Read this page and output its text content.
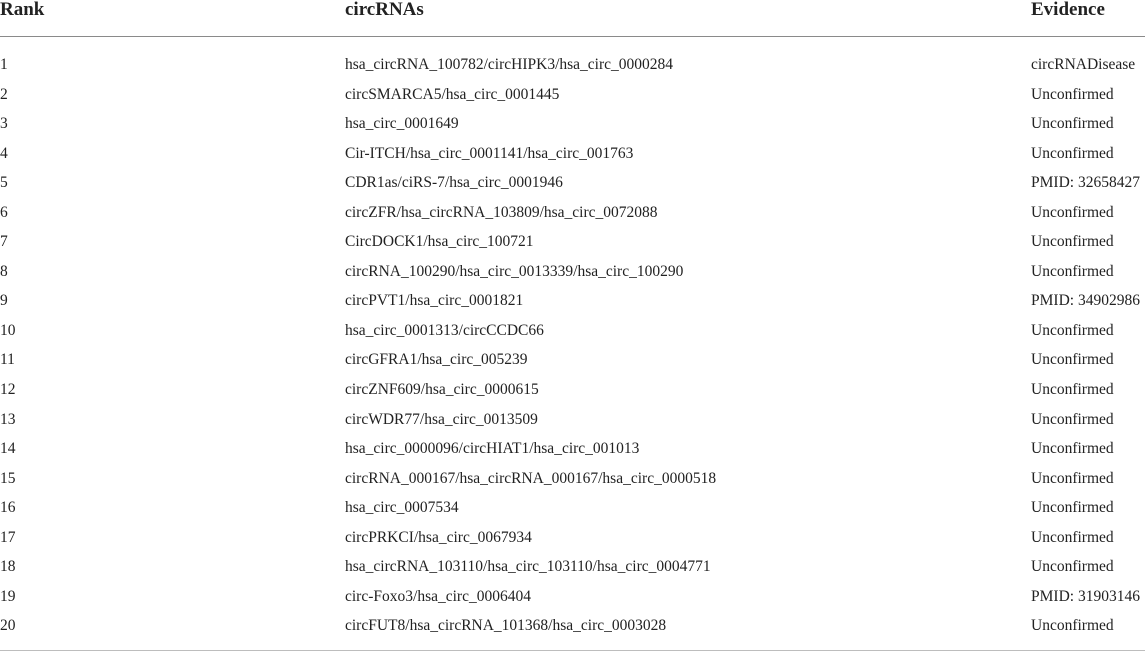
Rank	circRNAs	Evidence
1	hsa_circRNA_100782/circHIPK3/hsa_circ_0000284	circRNADisease
2	circSMARCA5/hsa_circ_0001445	Unconfirmed
3	hsa_circ_0001649	Unconfirmed
4	Cir-ITCH/hsa_circ_0001141/hsa_circ_001763	Unconfirmed
5	CDR1as/ciRS-7/hsa_circ_0001946	PMID: 32658427
6	circZFR/hsa_circRNA_103809/hsa_circ_0072088	Unconfirmed
7	CircDOCK1/hsa_circ_100721	Unconfirmed
8	circRNA_100290/hsa_circ_0013339/hsa_circ_100290	Unconfirmed
9	circPVT1/hsa_circ_0001821	PMID: 34902986
10	hsa_circ_0001313/circCCDC66	Unconfirmed
11	circGFRA1/hsa_circ_005239	Unconfirmed
12	circZNF609/hsa_circ_0000615	Unconfirmed
13	circWDR77/hsa_circ_0013509	Unconfirmed
14	hsa_circ_0000096/circHIAT1/hsa_circ_001013	Unconfirmed
15	circRNA_000167/hsa_circRNA_000167/hsa_circ_0000518	Unconfirmed
16	hsa_circ_0007534	Unconfirmed
17	circPRKCI/hsa_circ_0067934	Unconfirmed
18	hsa_circRNA_103110/hsa_circ_103110/hsa_circ_0004771	Unconfirmed
19	circ-Foxo3/hsa_circ_0006404	PMID: 31903146
20	circFUT8/hsa_circRNA_101368/hsa_circ_0003028	Unconfirmed
